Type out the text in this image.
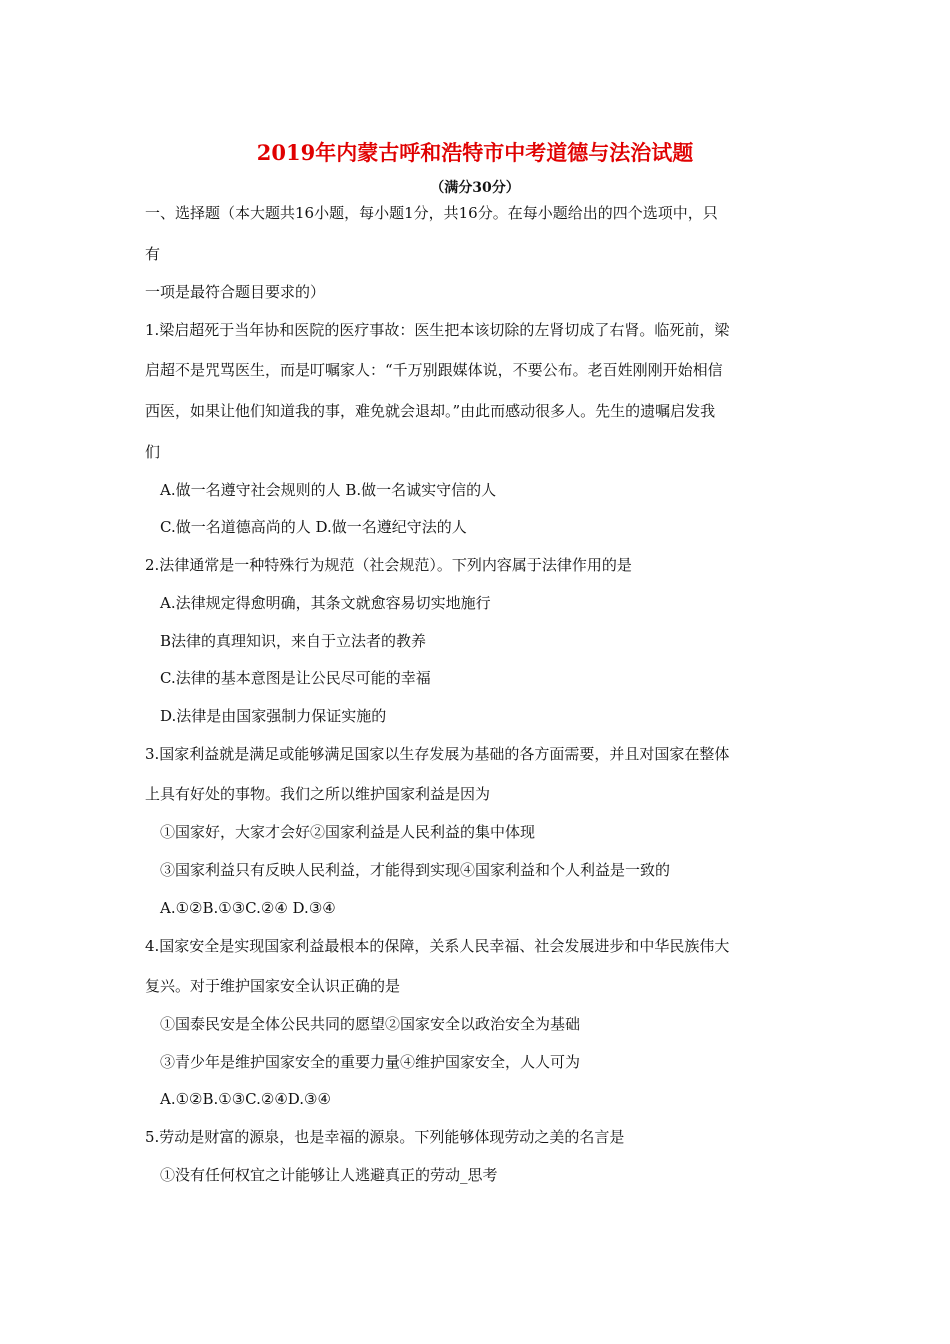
2019年内蒙古呼和浩特市中考道德与法治试题
（满分30分）
一、选择题（本大题共16小题，每小题1分，共16分。在每小题给出的四个选项中，只
有
一项是最符合题目要求的）
1.梁启超死于当年协和医院的医疗事故：医生把本该切除的左肾切成了右肾。临死前，梁
启超不是咒骂医生，而是叮嘱家人：“千万别跟媒体说，不要公布。老百姓刚刚开始相信
西医，如果让他们知道我的事，难免就会退却。”由此而感动很多人。先生的遗嘱启发我
们
A.做一名遵守社会规则的人 B.做一名诚实守信的人
C.做一名道德高尚的人 D.做一名遵纪守法的人
2.法律通常是一种特殊行为规范（社会规范）。下列内容属于法律作用的是
A.法律规定得愈明确，其条文就愈容易切实地施行
B法律的真理知识，来自于立法者的教养
C.法律的基本意图是让公民尽可能的幸福
D.法律是由国家强制力保证实施的
3.国家利益就是满足或能够满足国家以生存发展为基础的各方面需要，并且对国家在整体
上具有好处的事物。我们之所以维护国家利益是因为
①国家好，大家才会好②国家利益是人民利益的集中体现
③国家利益只有反映人民利益，才能得到实现④国家利益和个人利益是一致的
A.①②B.①③C.②④ D.③④
4.国家安全是实现国家利益最根本的保障，关系人民幸福、社会发展进步和中华民族伟大
复兴。对于维护国家安全认识正确的是
①国泰民安是全体公民共同的愿望②国家安全以政治安全为基础
③青少年是维护国家安全的重要力量④维护国家安全，人人可为
A.①②B.①③C.②④D.③④
5.劳动是财富的源泉，也是幸福的源泉。下列能够体现劳动之美的名言是
①没有任何权宜之计能够让人逃避真正的劳动_思考
